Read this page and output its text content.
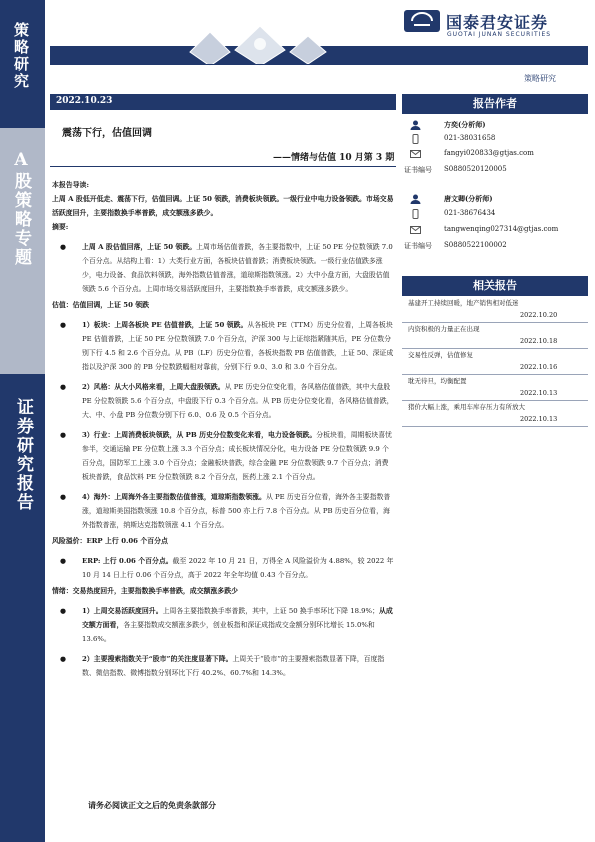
策略研究
A股策略专题
证券研究报告
国泰君安证券
GUOTAI JUNAN SECURITIES
策略研究
2022.10.23
震荡下行，估值回调
——情绪与估值 10 月第 3 期

本报告导读:

上周 A 股低开低走、震荡下行，估值回调。上证 50 领跌，消费板块领跌。一级行业中电力设备领跌。市场交易活跃度回升，主要指数换手率普跌，成交额涨多跌少。

摘要:

● 上周 A 股估值回落，上证 50 领跌。上周市场估值普跌，各主要指数中，上证 50 PE 分位数领跌 7.0 个百分点。从结构上看：1）大类行业方面，各板块估值普跌；消费板块领跌。一级行业估值跌多涨少，电力设备、食品饮料领跌，海外指数估值普涨，道琼斯指数领涨。2）大中小盘方面，大盘股估值领跌 5.6 个百分点。上周市场交易活跃度回升，主要指数换手率普跌，成交额涨多跌少。

估值：估值回调，上证 50 领跌

● 1）板块：上周各板块 PE 估值普跌，上证 50 领跌。从各板块 PE（TTM）历史分位看，上周各板块 PE 估值普跌，上证 50 PE 分位数领跌 7.0 个百分点，沪深 300 与上证综指紧随其后，PE 分位数分别下行 4.5 和 2.6 个百分点。从 PB（LF）历史分位看，各板块指数 PB 估值普跌，上证 50、深证成指以及沪深 300 的 PB 分位数跌幅相对靠前，分别下行 9.0、3.0 和 3.0 个百分点。

● 2）风格：从大小风格来看，上周大盘股领跌。从 PE 历史分位变化看，各风格估值普跌，其中大盘股 PE 分位数领跌 5.6 个百分点，中盘股下行 0.3 个百分点。从 PB 历史分位变化看，各风格估值普跌，大、中、小盘 PB 分位数分别下行 6.0、0.6 及 0.5 个百分点。

● 3）行业：上周消费板块领跌，从 PB 历史分位数变化来看，电力设备领跌。分板块看，周期板块喜忧参半，交通运输 PE 分位数上涨 3.3 个百分点；成长板块情况分化，电力设备 PE 分位数领跌 9.9 个百分点，国防军工上涨 3.0 个百分点；金融板块普跌，综合金融 PE 分位数领跌 9.7 个百分点；消费板块普跌，食品饮料 PE 分位数领跌 8.2 个百分点，医药上涨 2.1 个百分点。

● 4）海外：上周海外各主要指数估值普涨，道琼斯指数领涨。从 PE 历史百分位看，海外各主要指数普涨，道琼斯美国指数领涨 10.8 个百分点，标普 500 亦上行 7.8 个百分点。从 PB 历史百分位看，海外指数普涨，纳斯达克指数领涨 4.1 个百分点。

风险溢价：ERP 上行 0.06 个百分点

● ERP: 上行 0.06 个百分点。截至 2022 年 10 月 21 日，万得全 A 风险溢价为 4.88%，较 2022 年 10 月 14 日上行 0.06 个百分点，高于 2022 年全年均值 0.43 个百分点。

情绪：交易热度回升，主要指数换手率普跌，成交额涨多跌少

● 1）上周交易活跃度回升。上周各主要指数换手率普跌，其中，上证 50 换手率环比下降 18.9%；从成交额方面看，各主要指数成交额涨多跌少，创业板指和深证成指成交金额分别环比增长 15.0%和 13.6%。

● 2）主要搜索指数关于“股市”的关注度显著下降。上周关于“股市”的主要搜索指数显著下降，百度指数、微信指数、微博指数分别环比下行 40.2%、60.7%和 14.3%。

请务必阅读正文之后的免责条款部分
报告作者
方奕(分析师)
021-38031658
fangyi020833@gtjas.com
证书编号 S0880520120005
唐文卿(分析师)
021-38676434
tangwenqing027314@gtjas.com
证书编号 S0880522100002
相关报告
基建开工持续回暖，地产销售相对低迷
2022.10.20
内资积极的力量正在出现
2022.10.18
交易性反弹，估值修复
2022.10.16
耽无待旦，均衡配置
2022.10.13
猪价大幅上涨，乘用车库存压力有所放大
2022.10.13
